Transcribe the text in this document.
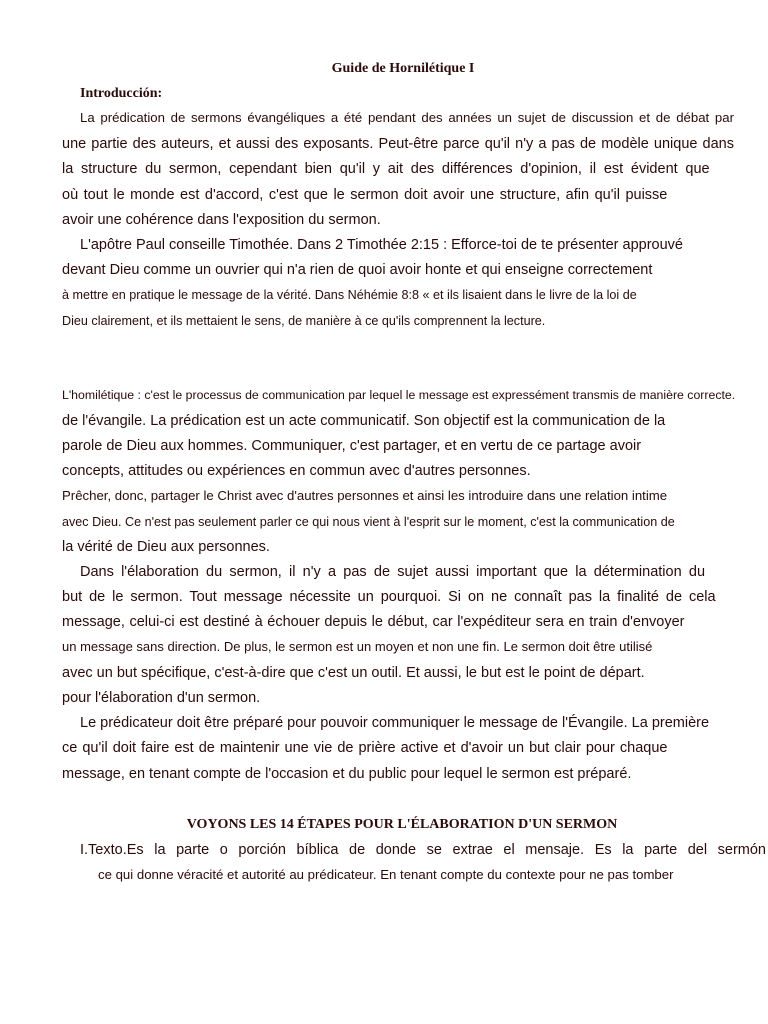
Guide de Hornilétique I
Introducción:
La prédication de sermons évangéliques a été pendant des années un sujet de discussion et de débat par
une partie des auteurs, et aussi des exposants. Peut-être parce qu'il n'y a pas de modèle unique dans
la structure du sermon, cependant bien qu'il y ait des différences d'opinion, il est évident que
où tout le monde est d'accord, c'est que le sermon doit avoir une structure, afin qu'il puisse
avoir une cohérence dans l'exposition du sermon.
L'apôtre Paul conseille Timothée. Dans 2 Timothée 2:15 : Efforce-toi de te présenter approuvé
devant Dieu comme un ouvrier qui n'a rien de quoi avoir honte et qui enseigne correctement
à mettre en pratique le message de la vérité. Dans Néhémie 8:8 « et ils lisaient dans le livre de la loi de
Dieu clairement, et ils mettaient le sens, de manière à ce qu'ils comprennent la lecture.
L'homilétique : c'est le processus de communication par lequel le message est expressément transmis de manière correcte.
de l'évangile. La prédication est un acte communicatif. Son objectif est la communication de la
parole de Dieu aux hommes. Communiquer, c'est partager, et en vertu de ce partage avoir
concepts, attitudes ou expériences en commun avec d'autres personnes.
Prêcher, donc, partager le Christ avec d'autres personnes et ainsi les introduire dans une relation intime
avec Dieu. Ce n'est pas seulement parler ce qui nous vient à l'esprit sur le moment, c'est la communication de
la vérité de Dieu aux personnes.
Dans l'élaboration du sermon, il n'y a pas de sujet aussi important que la détermination du
but de le sermon. Tout message nécessite un pourquoi. Si on ne connaît pas la finalité de cela
message, celui-ci est destiné à échouer depuis le début, car l'expéditeur sera en train d'envoyer
un message sans direction. De plus, le sermon est un moyen et non une fin. Le sermon doit être utilisé
avec un but spécifique, c'est-à-dire que c'est un outil. Et aussi, le but est le point de départ.
pour l'élaboration d'un sermon.
Le prédicateur doit être préparé pour pouvoir communiquer le message de l'Évangile. La première
ce qu'il doit faire est de maintenir une vie de prière active et d'avoir un but clair pour chaque
message, en tenant compte de l'occasion et du public pour lequel le sermon est préparé.
VOYONS LES 14 ÉTAPES POUR L'ÉLABORATION D'UN SERMON
I.Texto.Es la parte o porción bíblica de donde se extrae el mensaje. Es la parte del sermón
ce qui donne véracité et autorité au prédicateur. En tenant compte du contexte pour ne pas tomber
